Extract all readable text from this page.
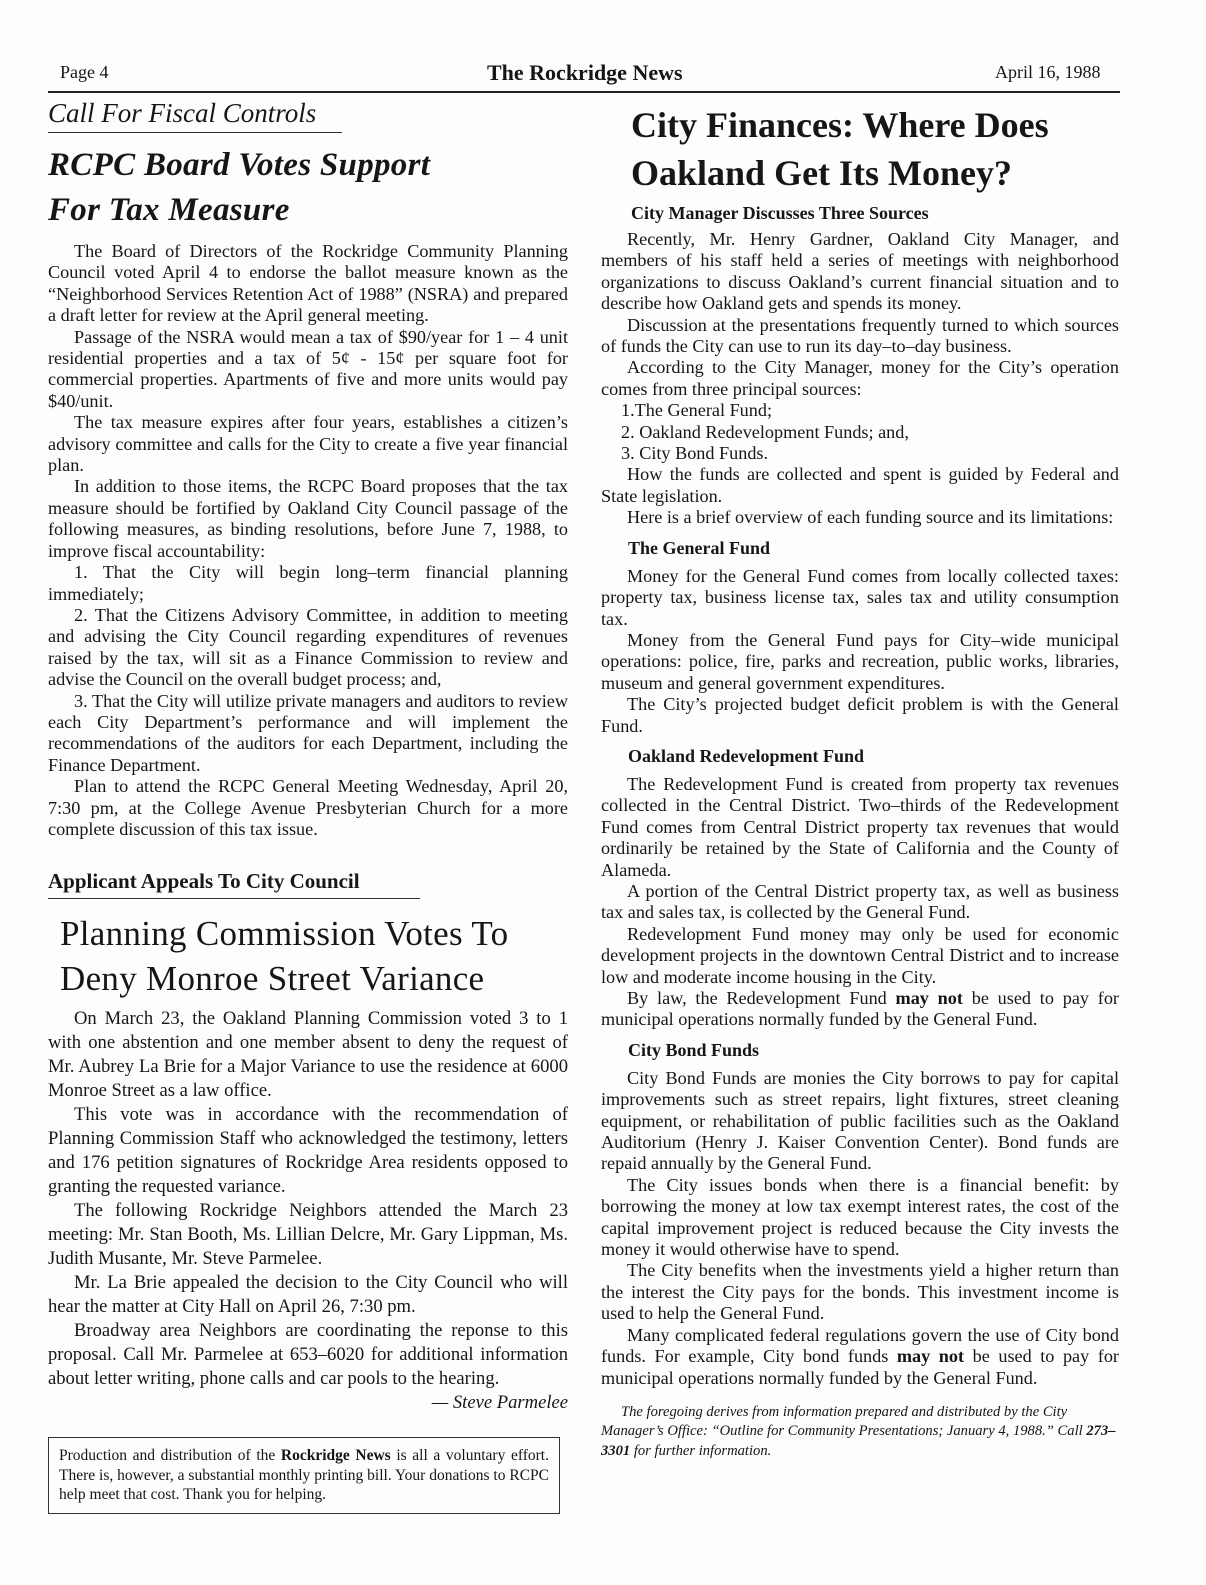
Page 4	The Rockridge News	April 16, 1988
Call For Fiscal Controls
RCPC Board Votes Support
For Tax Measure

The Board of Directors of the Rockridge Community Planning Council voted April 4 to endorse the ballot measure known as the “Neighborhood Services Retention Act of 1988” (NSRA) and prepared a draft letter for review at the April general meeting.

Passage of the NSRA would mean a tax of $90/year for 1 – 4 unit residential properties and a tax of 5¢ - 15¢ per square foot for commercial properties. Apartments of five and more units would pay $40/unit.

The tax measure expires after four years, establishes a citizen’s advisory committee and calls for the City to create a five year financial plan.

In addition to those items, the RCPC Board proposes that the tax measure should be fortified by Oakland City Council passage of the following measures, as binding resolutions, before June 7, 1988, to improve fiscal accountability:

1. That the City will begin long–term financial planning immediately;

2. That the Citizens Advisory Committee, in addition to meeting and advising the City Council regarding expenditures of revenues raised by the tax, will sit as a Finance Commission to review and advise the Council on the overall budget process; and,

3. That the City will utilize private managers and auditors to review each City Department’s performance and will implement the recommendations of the auditors for each Department, including the Finance Department.

Plan to attend the RCPC General Meeting Wednesday, April 20, 7:30 pm, at the College Avenue Presbyterian Church for a more complete discussion of this tax issue.

Applicant Appeals To City Council
Planning Commission Votes To
Deny Monroe Street Variance

On March 23, the Oakland Planning Commission voted 3 to 1 with one abstention and one member absent to deny the request of Mr. Aubrey La Brie for a Major Variance to use the residence at 6000 Monroe Street as a law office.

This vote was in accordance with the recommendation of Planning Commission Staff who acknowledged the testimony, letters and 176 petition signatures of Rockridge Area residents opposed to granting the requested variance.

The following Rockridge Neighbors attended the March 23 meeting: Mr. Stan Booth, Ms. Lillian Delcre, Mr. Gary Lippman, Ms. Judith Musante, Mr. Steve Parmelee.

Mr. La Brie appealed the decision to the City Council who will hear the matter at City Hall on April 26, 7:30 pm.

Broadway area Neighbors are coordinating the reponse to this proposal. Call Mr. Parmelee at 653–6020 for additional information about letter writing, phone calls and car pools to the hearing.

— Steve Parmelee

Production and distribution of the Rockridge News is all a voluntary effort. There is, however, a substantial monthly printing bill. Your donations to RCPC help meet that cost. Thank you for helping.

City Finances: Where Does
Oakland Get Its Money?
City Manager Discusses Three Sources

Recently, Mr. Henry Gardner, Oakland City Manager, and members of his staff held a series of meetings with neighborhood organizations to discuss Oakland’s current financial situation and to describe how Oakland gets and spends its money.

Discussion at the presentations frequently turned to which sources of funds the City can use to run its day–to–day business.

According to the City Manager, money for the City’s operation comes from three principal sources:

1.The General Fund;

2. Oakland Redevelopment Funds; and,

3. City Bond Funds.

How the funds are collected and spent is guided by Federal and State legislation.

Here is a brief overview of each funding source and its limitations:

The General Fund

Money for the General Fund comes from locally collected taxes: property tax, business license tax, sales tax and utility consumption tax.

Money from the General Fund pays for City–wide municipal operations: police, fire, parks and recreation, public works, libraries, museum and general government expenditures.

The City’s projected budget deficit problem is with the General Fund.

Oakland Redevelopment Fund

The Redevelopment Fund is created from property tax revenues collected in the Central District. Two–thirds of the Redevelopment Fund comes from Central District property tax revenues that would ordinarily be retained by the State of California and the County of Alameda.

A portion of the Central District property tax, as well as business tax and sales tax, is collected by the General Fund.

Redevelopment Fund money may only be used for economic development projects in the downtown Central District and to increase low and moderate income housing in the City.

By law, the Redevelopment Fund may not be used to pay for municipal operations normally funded by the General Fund.

City Bond Funds

City Bond Funds are monies the City borrows to pay for capital improvements such as street repairs, light fixtures, street cleaning equipment, or rehabilitation of public facilities such as the Oakland Auditorium (Henry J. Kaiser Convention Center). Bond funds are repaid annually by the General Fund.

The City issues bonds when there is a financial benefit: by borrowing the money at low tax exempt interest rates, the cost of the capital improvement project is reduced because the City invests the money it would otherwise have to spend.

The City benefits when the investments yield a higher return than the interest the City pays for the bonds. This investment income is used to help the General Fund.

Many complicated federal regulations govern the use of City bond funds. For example, City bond funds may not be used to pay for municipal operations normally funded by the General Fund.

The foregoing derives from information prepared and distributed by the City Manager’s Office: “Outline for Community Presentations; January 4, 1988.” Call 273–3301 for further information.
